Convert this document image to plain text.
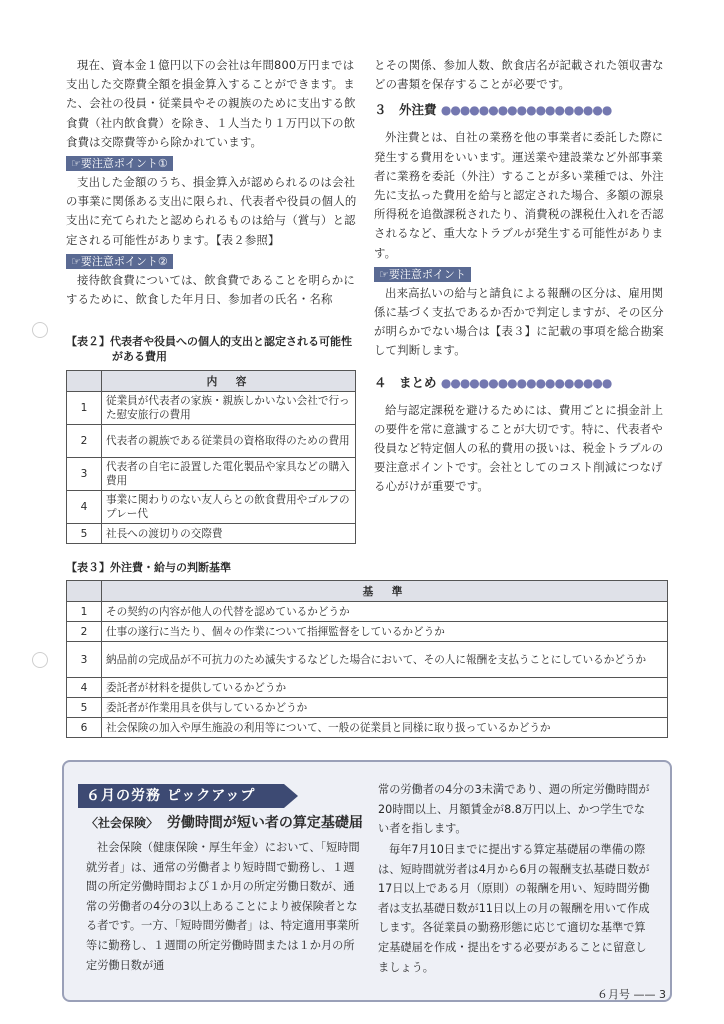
現在、資本金１億円以下の会社は年間800万円までは支出した交際費全額を損金算入することができます。また、会社の役員・従業員やその親族のために支出する飲食費（社内飲食費）を除き、１人当たり１万円以下の飲食費は交際費等から除かれています。

☞要注意ポイント①

支出した金額のうち、損金算入が認められるのは会社の事業に関係ある支出に限られ、代表者や役員の個人的支出に充てられたと認められるものは給与（賞与）と認定される可能性があります。【表２参照】

☞要注意ポイント②

接待飲食費については、飲食費であることを明らかにするために、飲食した年月日、参加者の氏名・名称

とその関係、参加人数、飲食店名が記載された領収書などの書類を保存することが必要です。

３　外注費 ●●●●●●●●●●●●●●●●●●

外注費とは、自社の業務を他の事業者に委託した際に発生する費用をいいます。運送業や建設業など外部事業者に業務を委託（外注）することが多い業種では、外注先に支払った費用を給与と認定された場合、多額の源泉所得税を追徴課税されたり、消費税の課税仕入れを否認されるなど、重大なトラブルが発生する可能性があります。

☞要注意ポイント

出来高払いの給与と請負による報酬の区分は、雇用関係に基づく支払であるか否かで判定しますが、その区分が明らかでない場合は【表３】に記載の事項を総合勘案して判断します。

４　まとめ ●●●●●●●●●●●●●●●●●●

給与認定課税を避けるためには、費用ごとに損金計上の要件を常に意識することが大切です。特に、代表者や役員など特定個人の私的費用の扱いは、税金トラブルの要注意ポイントです。会社としてのコスト削減につなげる心がけが重要です。

【表２】代表者や役員への個人的支出と認定される可能性
がある費用
	内　容
1	従業員が代表者の家族・親族しかいない会社で行った慰安旅行の費用
2	代表者の親族である従業員の資格取得のための費用
3	代表者の自宅に設置した電化製品や家具などの購入費用
4	事業に関わりのない友人らとの飲食費用やゴルフのプレー代
5	社長への渡切りの交際費
【表３】外注費・給与の判断基準
	基　準
1	その契約の内容が他人の代替を認めているかどうか
2	仕事の遂行に当たり、個々の作業について指揮監督をしているかどうか
3	納品前の完成品が不可抗力のため滅失するなどした場合において、その人に報酬を支払うことにしているかどうか
4	委託者が材料を提供しているかどうか
5	委託者が作業用具を供与しているかどうか
6	社会保険の加入や厚生施設の利用等について、一般の従業員と同様に取り扱っているかどうか
６月の労務 ピックアップ
〈社会保険〉 労働時間が短い者の算定基礎届

社会保険（健康保険・厚生年金）において、「短時間就労者」は、通常の労働者より短時間で勤務し、１週間の所定労働時間および１か月の所定労働日数が、通常の労働者の4分の3以上あることにより被保険者となる者です。一方、「短時間労働者」は、特定適用事業所等に勤務し、１週間の所定労働時間または１か月の所定労働日数が通

常の労働者の4分の3未満であり、週の所定労働時間が20時間以上、月額賃金が8.8万円以上、かつ学生でない者を指します。

毎年7月10日までに提出する算定基礎届の準備の際は、短時間就労者は4月から6月の報酬支払基礎日数が17日以上である月（原則）の報酬を用い、短時間労働者は支払基礎日数が11日以上の月の報酬を用いて作成します。各従業員の勤務形態に応じて適切な基準で算定基礎届を作成・提出をする必要があることに留意しましょう。

６月号 —— 3
